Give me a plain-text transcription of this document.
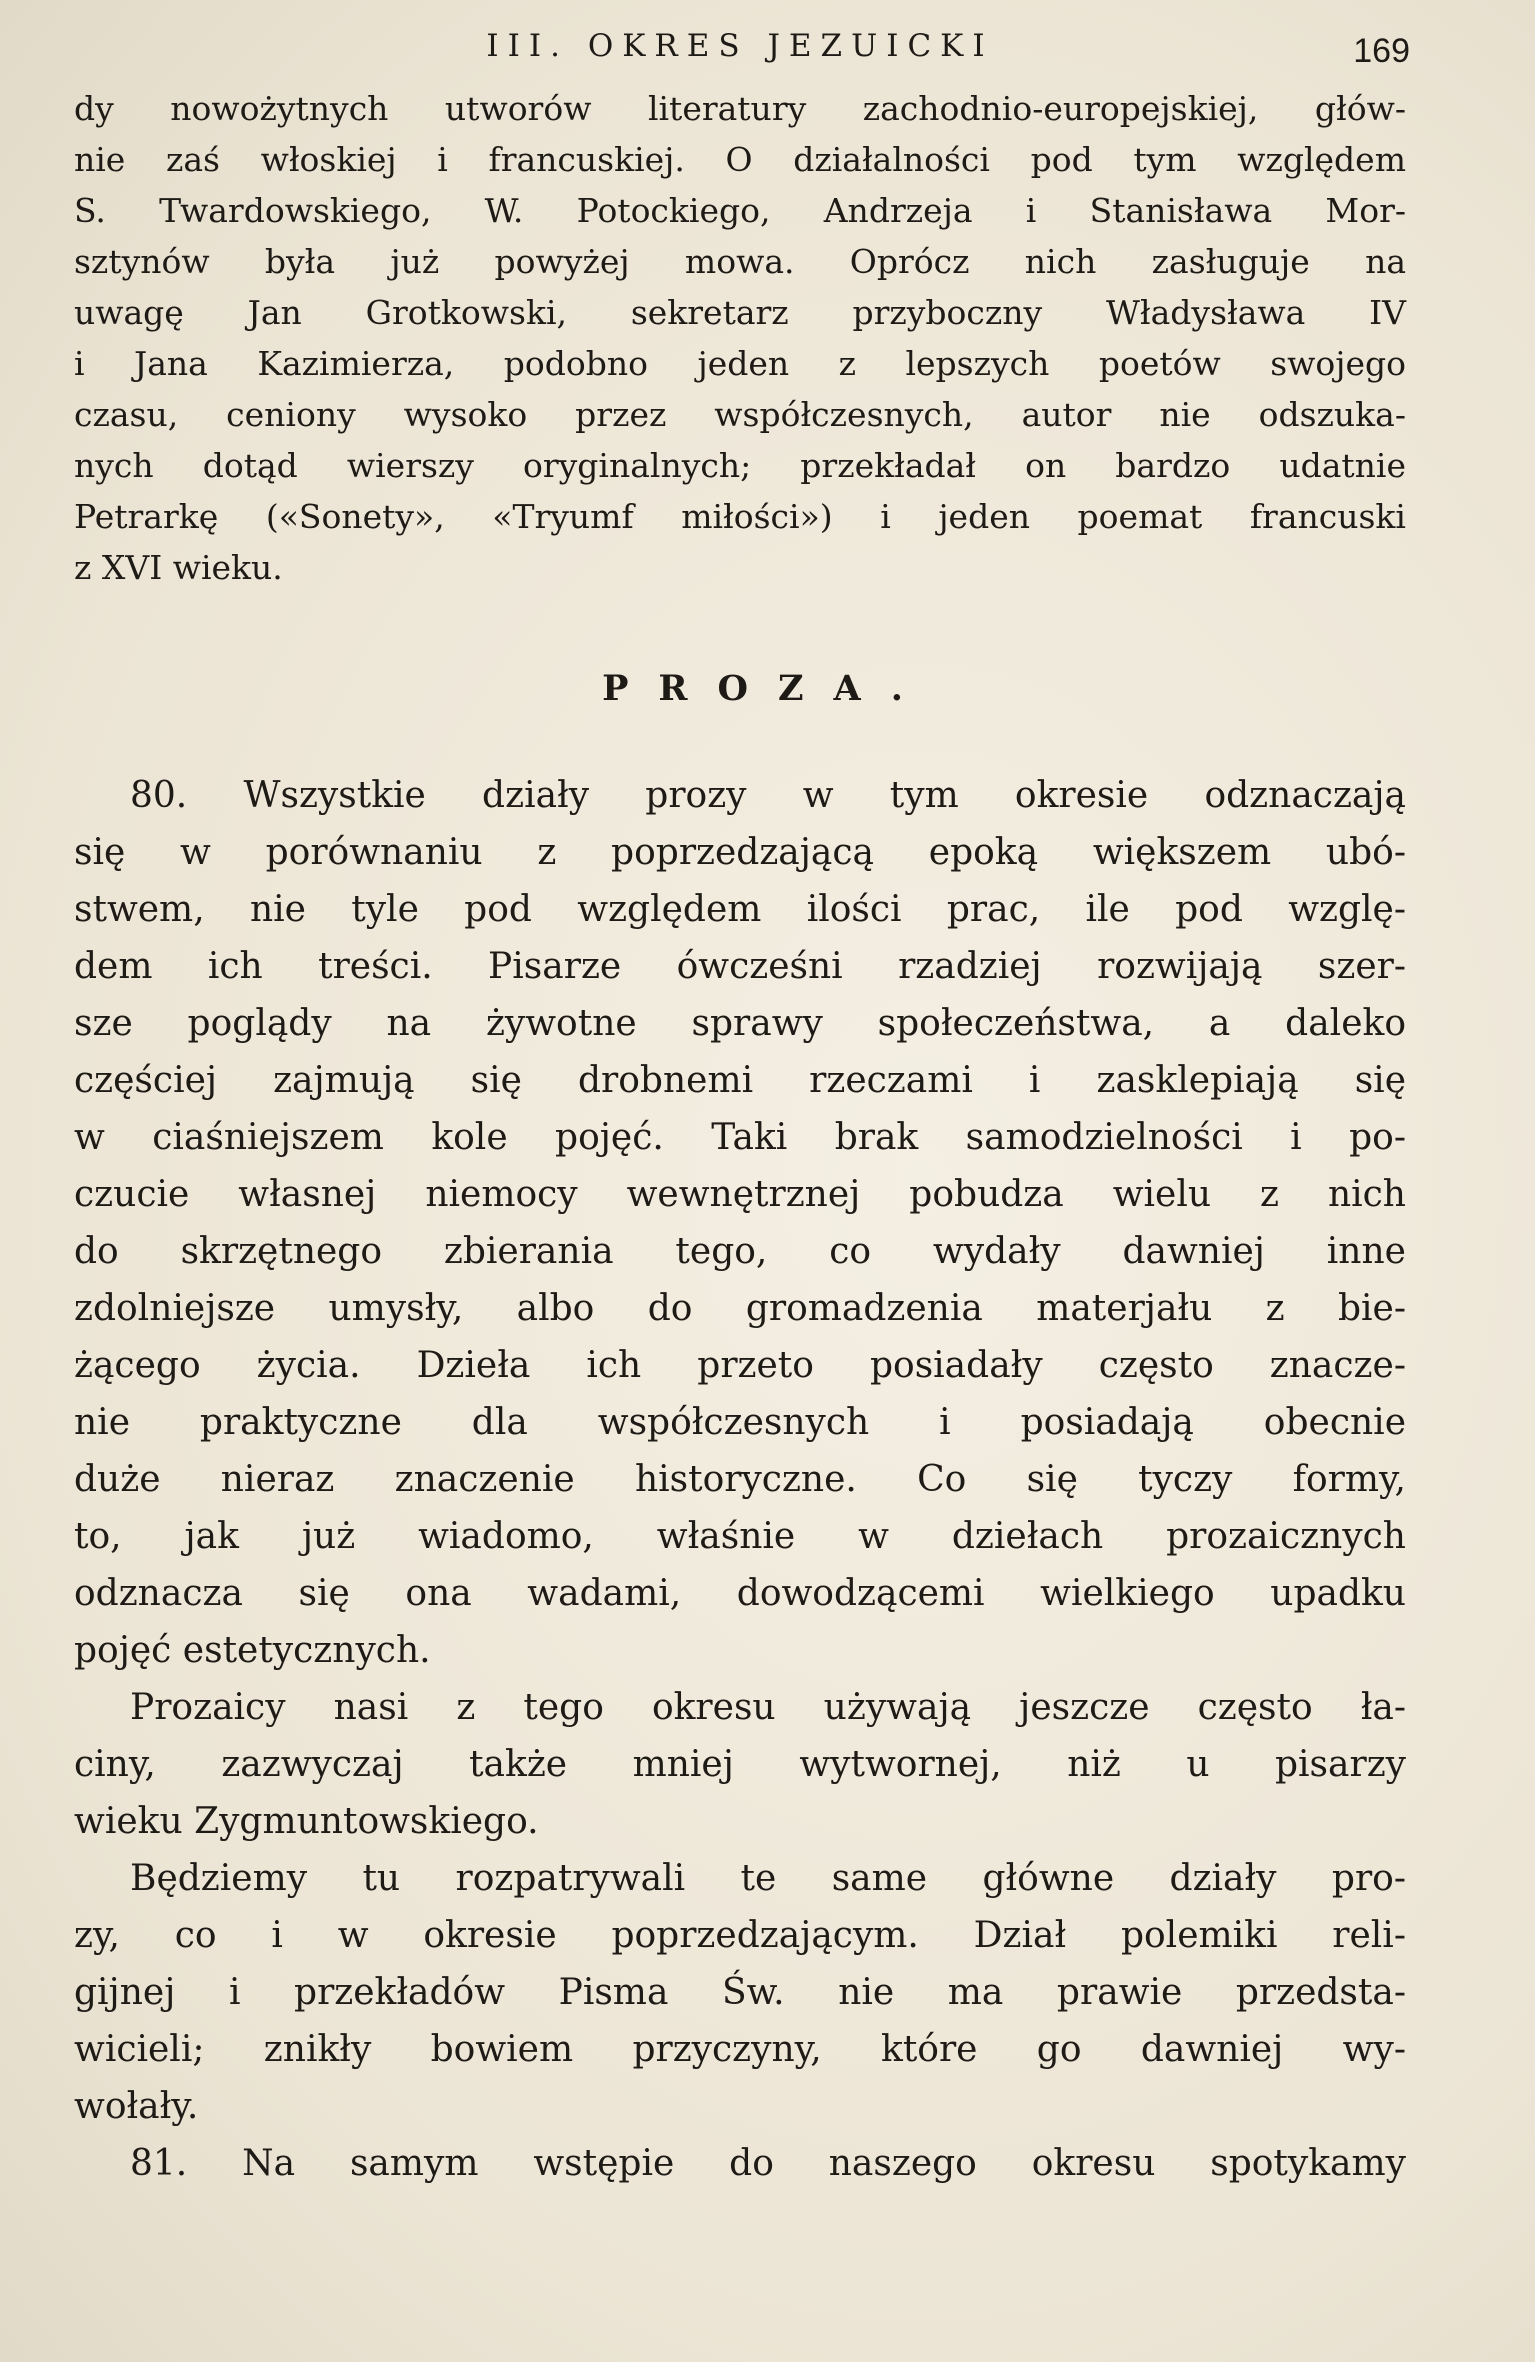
III. OKRES JEZUICKI	169
dy nowożytnych utworów literatury zachodnio-europejskiej, głów-
nie zaś włoskiej i francuskiej. O działalności pod tym względem
S. Twardowskiego, W. Potockiego, Andrzeja i Stanisława Mor-
sztynów była już powyżej mowa. Oprócz nich zasługuje na
uwagę Jan Grotkowski, sekretarz przyboczny Władysława IV
i Jana Kazimierza, podobno jeden z lepszych poetów swojego
czasu, ceniony wysoko przez współczesnych, autor nie odszuka-
nych dotąd wierszy oryginalnych; przekładał on bardzo udatnie
Petrarkę («Sonety», «Tryumf miłości») i jeden poemat francuski
z XVI wieku.
PROZA.
80. Wszystkie działy prozy w tym okresie odznaczają
się w porównaniu z poprzedzającą epoką większem ubó-
stwem, nie tyle pod względem ilości prac, ile pod wzglę-
dem ich treści. Pisarze ówcześni rzadziej rozwijają szer-
sze poglądy na żywotne sprawy społeczeństwa, a daleko
częściej zajmują się drobnemi rzeczami i zasklepiają się
w ciaśniejszem kole pojęć. Taki brak samodzielności i po-
czucie własnej niemocy wewnętrznej pobudza wielu z nich
do skrzętnego zbierania tego, co wydały dawniej inne
zdolniejsze umysły, albo do gromadzenia materjału z bie-
żącego życia. Dzieła ich przeto posiadały często znacze-
nie praktyczne dla współczesnych i posiadają obecnie
duże nieraz znaczenie historyczne. Co się tyczy formy,
to, jak już wiadomo, właśnie w dziełach prozaicznych
odznacza się ona wadami, dowodzącemi wielkiego upadku
pojęć estetycznych.
Prozaicy nasi z tego okresu używają jeszcze często ła-
ciny, zazwyczaj także mniej wytwornej, niż u pisarzy
wieku Zygmuntowskiego.
Będziemy tu rozpatrywali te same główne działy pro-
zy, co i w okresie poprzedzającym. Dział polemiki reli-
gijnej i przekładów Pisma Św. nie ma prawie przedsta-
wicieli; znikły bowiem przyczyny, które go dawniej wy-
wołały.
81. Na samym wstępie do naszego okresu spotykamy
